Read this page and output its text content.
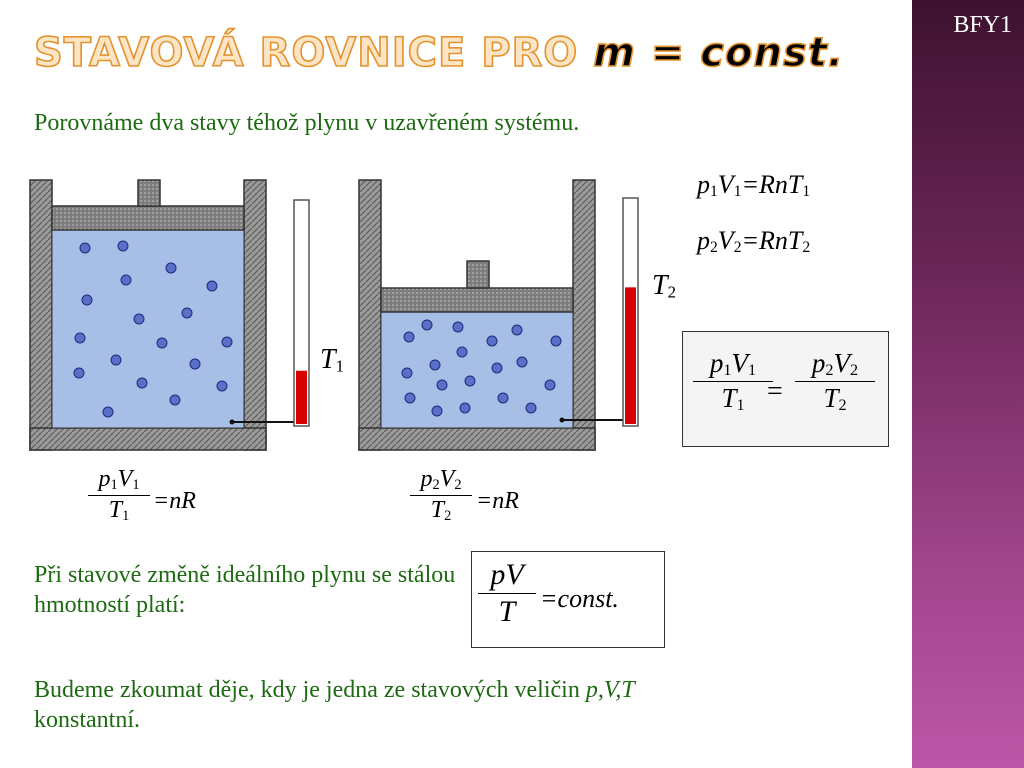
BFY1
STAVOVÁ ROVNICE PRO m = const.
Porovnáme dva stavy téhož plynu v uzavřeném systému.
$T_1$
$T_2$
$p_1V_1=RnT_1$
$p_2V_2=RnT_2$
$p_1V_1$
$T_1$ =
$p_2V_2$
$T_2$
$p_1V_1$
$T_1$
=nR
$p_2V_2$
$T_2$
=nR
Při stavové změně ideálního plynu se stálou hmotností platí:
pV
T =const.
Budeme zkoumat děje, kdy je jedna ze stavových veličin p,V,T
konstantní.
